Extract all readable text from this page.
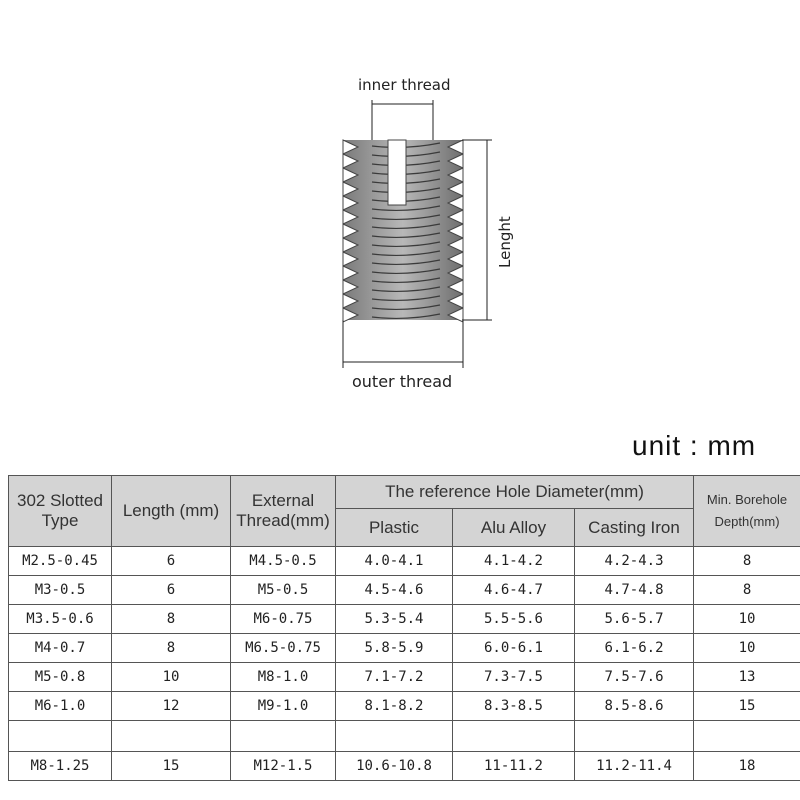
inner thread
Lenght
outer thread
unit : mm
302 Slotted Type	Length (mm)	External Thread(mm)	The reference Hole Diameter(mm)			Min. Borehole Depth(mm)
			Plastic	Alu Alloy	Casting Iron	
M2.5-0.45	6	M4.5-0.5	4.0-4.1	4.1-4.2	4.2-4.3	8
M3-0.5	6	M5-0.5	4.5-4.6	4.6-4.7	4.7-4.8	8
M3.5-0.6	8	M6-0.75	5.3-5.4	5.5-5.6	5.6-5.7	10
M4-0.7	8	M6.5-0.75	5.8-5.9	6.0-6.1	6.1-6.2	10
M5-0.8	10	M8-1.0	7.1-7.2	7.3-7.5	7.5-7.6	13
M6-1.0	12	M9-1.0	8.1-8.2	8.3-8.5	8.5-8.6	15

M8-1.25	15	M12-1.5	10.6-10.8	11-11.2	11.2-11.4	18
